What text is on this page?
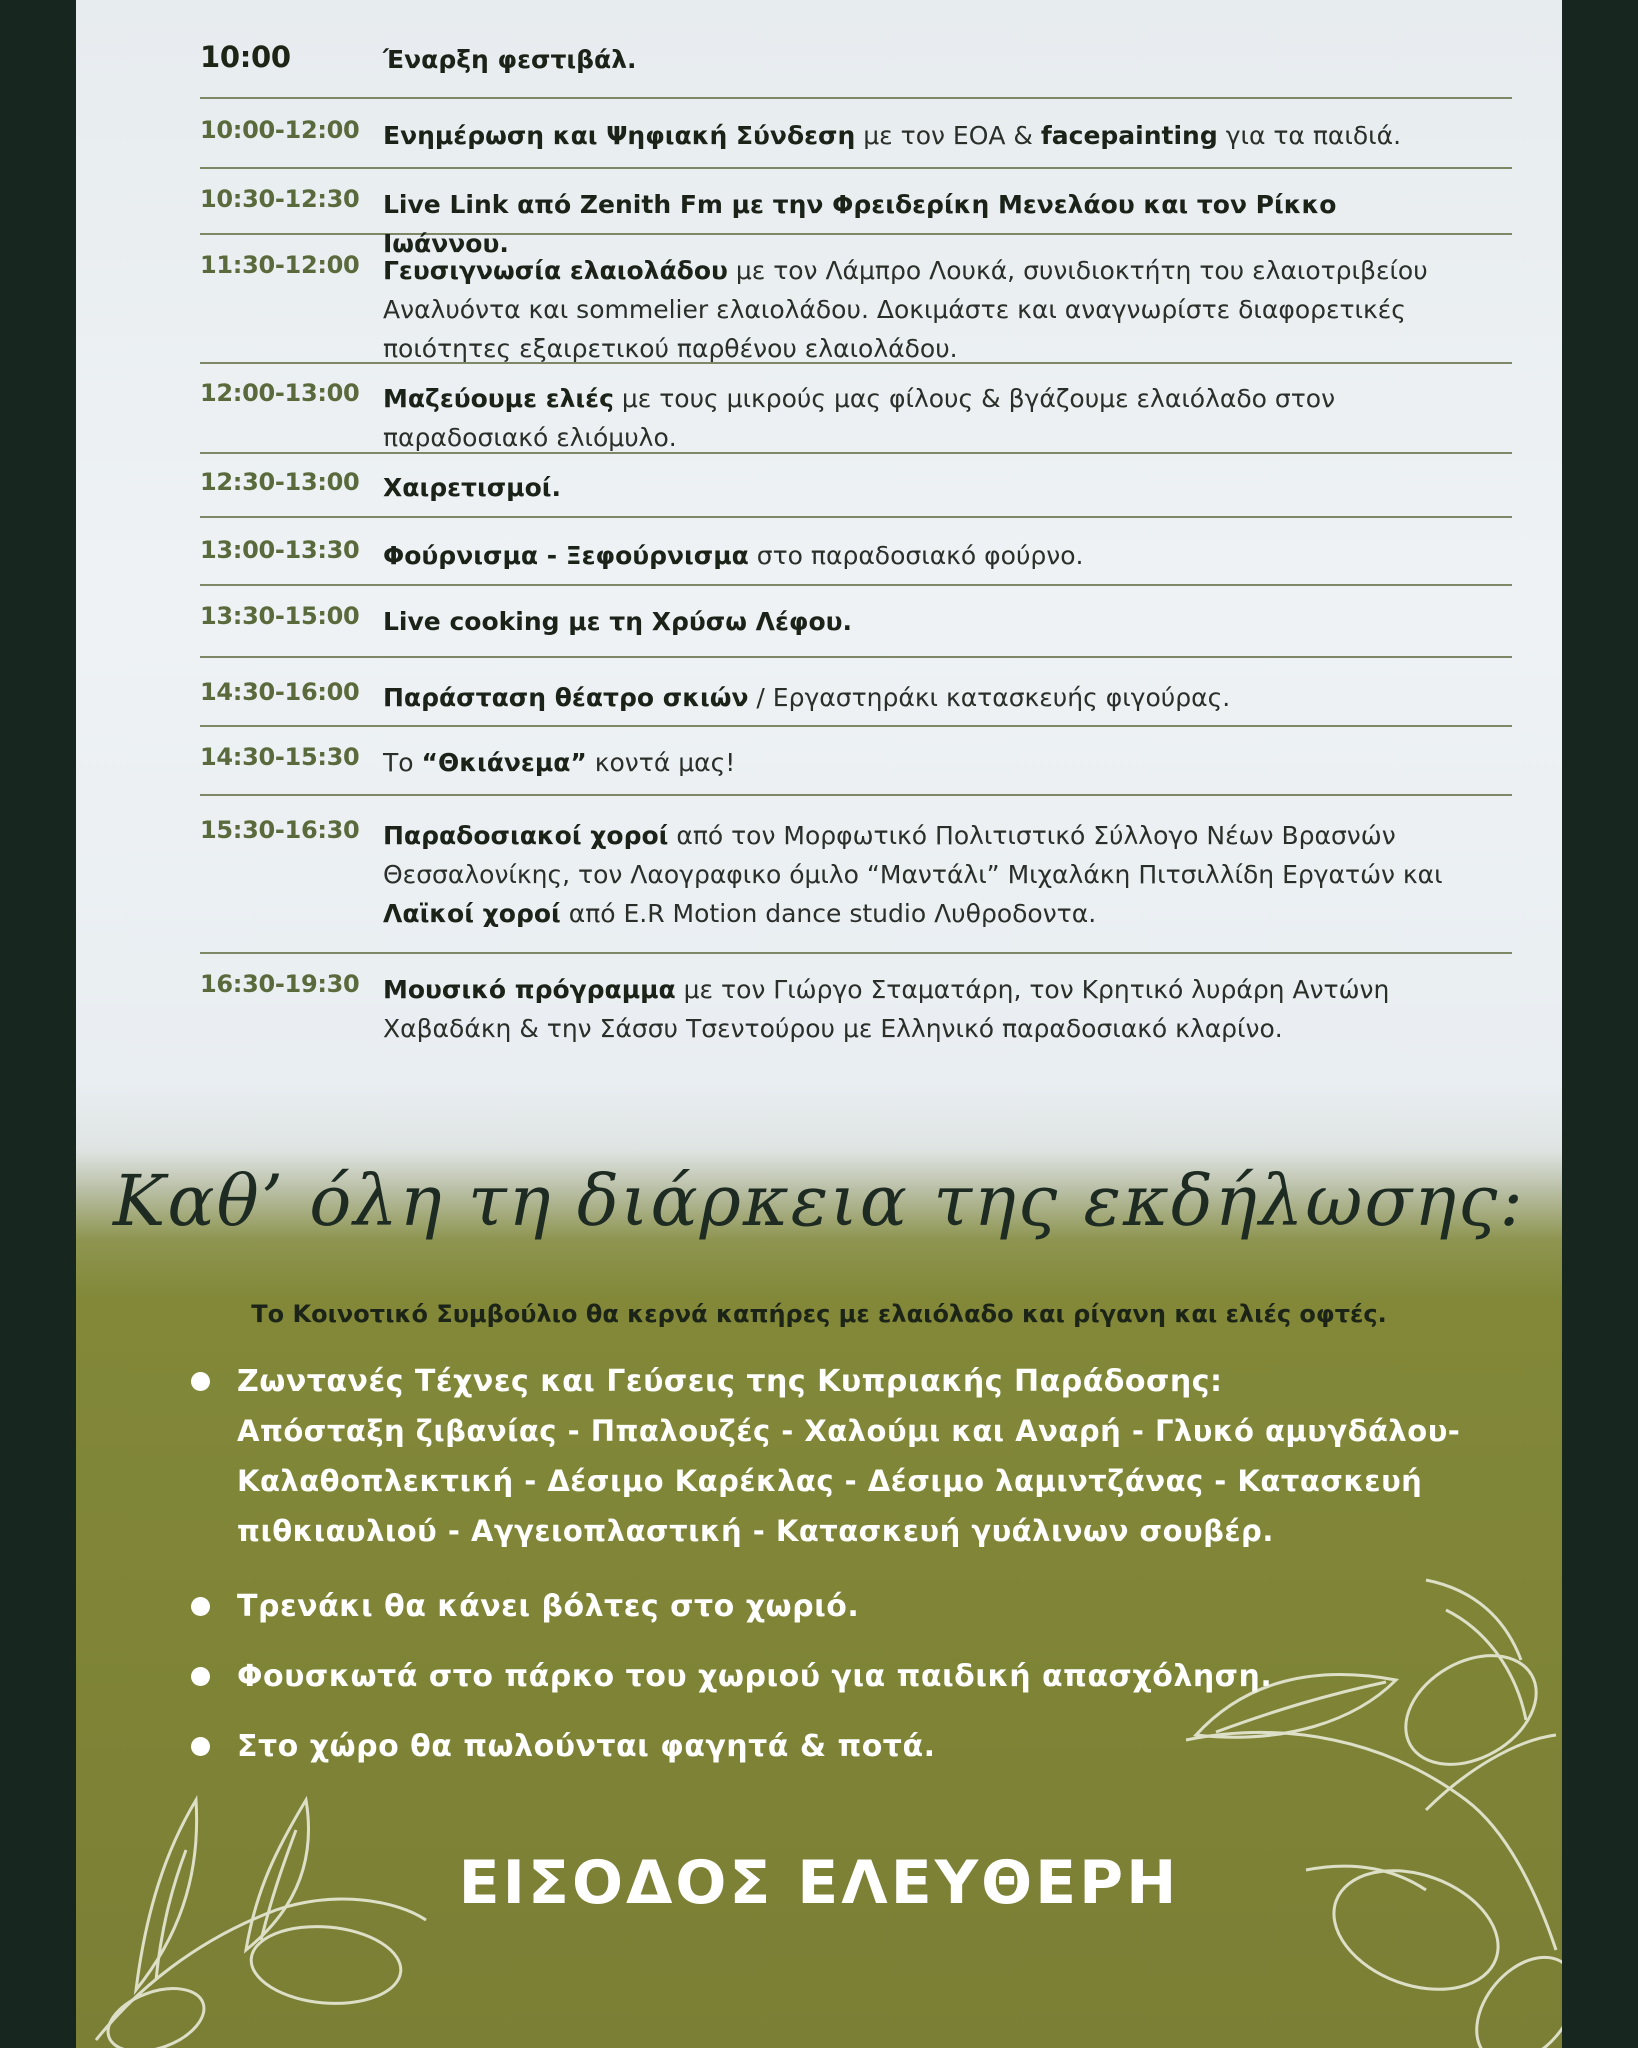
10:00	Έναρξη φεστιβάλ.
10:00-12:00 Ενημέρωση και Ψηφιακή Σύνδεση με τον ΕΟΑ & facepainting για τα παιδιά.
10:30-12:30 Live Link από Zenith Fm με την Φρειδερίκη Μενελάου και τον Ρίκκο Ιωάννου.
11:30-12:00 Γευσιγνωσία ελαιολάδου με τον Λάμπρο Λουκά, συνιδιοκτήτη του ελαιοτριβείου Αναλυόντα και sommelier ελαιολάδου. Δοκιμάστε και αναγνωρίστε διαφορετικές ποιότητες εξαιρετικού παρθένου ελαιολάδου.
12:00-13:00 Μαζεύουμε ελιές με τους μικρούς μας φίλους & βγάζουμε ελαιόλαδο στον παραδοσιακό ελιόμυλο.
12:30-13:00 Χαιρετισμοί.
13:00-13:30 Φούρνισμα - Ξεφούρνισμα στο παραδοσιακό φούρνο.
13:30-15:00 Live cooking με τη Χρύσω Λέφου.
14:30-16:00 Παράσταση θέατρο σκιών / Εργαστηράκι κατασκευής φιγούρας.
14:30-15:30 Το “Θκιάνεμα” κοντά μας!
15:30-16:30 Παραδοσιακοί χοροί από τον Μορφωτικό Πολιτιστικό Σύλλογο Νέων Βρασνών Θεσσαλονίκης, τον Λαογραφικο όμιλο “Μαντάλι” Μιχαλάκη Πιτσιλλίδη Εργατών και Λαϊκοί χοροί από E.R Motion dance studio Λυθροδοντα.
16:30-19:30 Μουσικό πρόγραμμα με τον Γιώργο Σταματάρη, τον Κρητικό λυράρη Αντώνη Χαβαδάκη & την Σάσσυ Τσεντούρου με Ελληνικό παραδοσιακό κλαρίνο.
Καθ’ όλη τη διάρκεια της εκδήλωσης:
Το Κοινοτικό Συμβούλιο θα κερνά καπήρες με ελαιόλαδο και ρίγανη και ελιές οφτές.
Ζωντανές Τέχνες και Γεύσεις της Κυπριακής Παράδοσης:
Απόσταξη ζιβανίας - Ππαλουζές - Χαλούμι και Αναρή - Γλυκό αμυγδάλου-
Καλαθοπλεκτική - Δέσιμο Καρέκλας - Δέσιμο λαμιντζάνας - Κατασκευή
πιθκιαυλιού - Αγγειοπλαστική - Κατασκευή γυάλινων σουβέρ.
Τρενάκι θα κάνει βόλτες στο χωριό.
Φουσκωτά στο πάρκο του χωριού για παιδική απασχόληση.
Στο χώρο θα πωλούνται φαγητά & ποτά.
ΕΙΣΟΔΟΣ ΕΛΕΥΘΕΡΗ
